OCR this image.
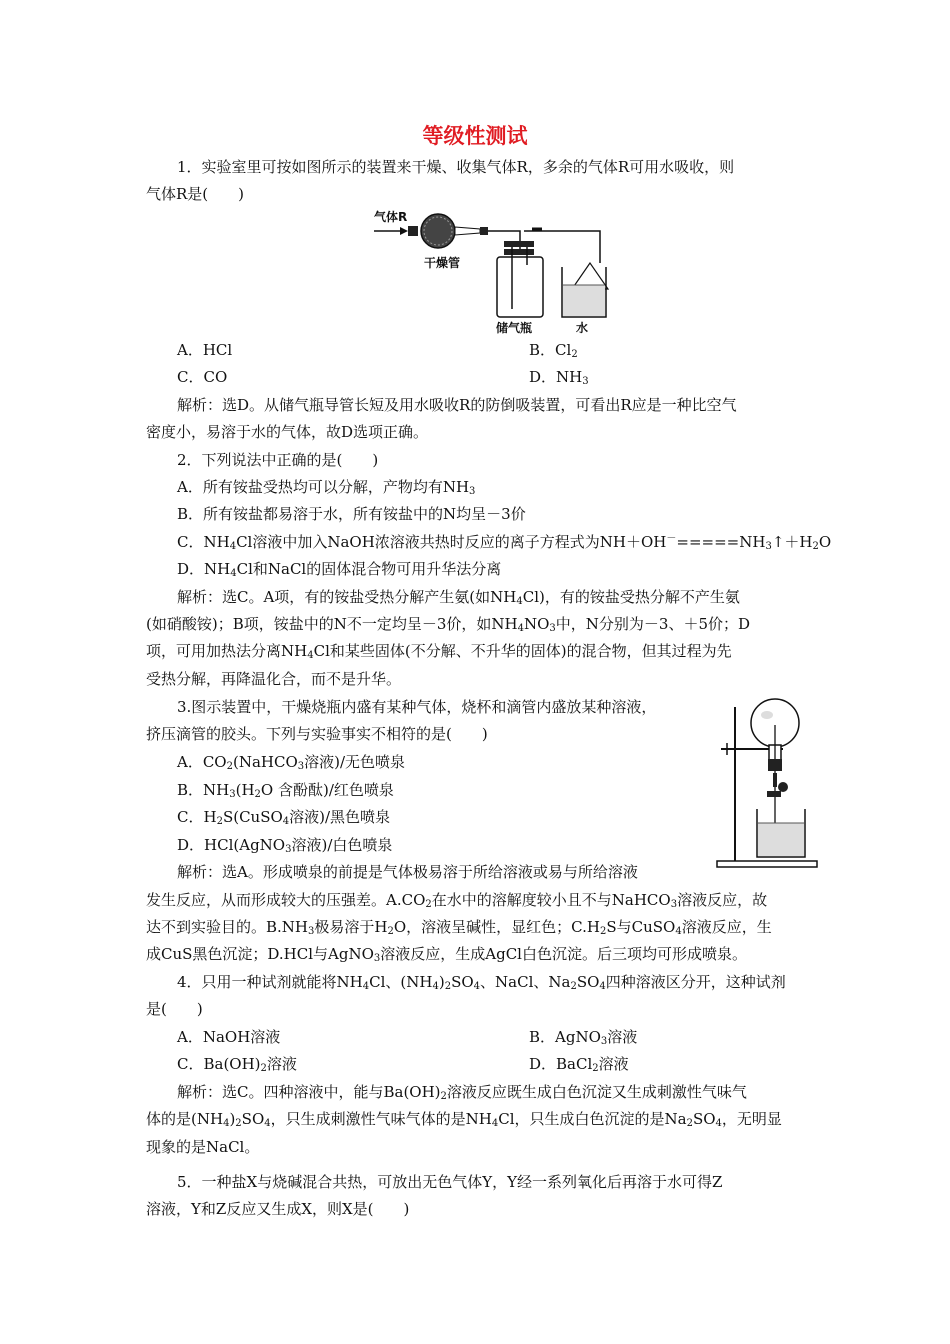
等级性测试
1．实验室里可按如图所示的装置来干燥、收集气体R，多余的气体R可用水吸收，则
气体R是(　　)
气体R
干燥管
储气瓶	水
A．HCl	B．$Cl_2$
C．CO	D．$NH_3$
解析：选D。从储气瓶导管长短及用水吸收R的防倒吸装置，可看出R应是一种比空气
密度小，易溶于水的气体，故D选项正确。
2．下列说法中正确的是(　　)
A．所有铵盐受热均可以分解，产物均有$NH_3$
B．所有铵盐都易溶于水，所有铵盐中的N均呈－3价
C．$NH_4Cl$溶液中加入NaOH浓溶液共热时反应的离子方程式为$NH+OH^-=====NH_3↑+H_2O$
D．$NH_4Cl$和NaCl的固体混合物可用升华法分离
解析：选C。A项，有的铵盐受热分解产生氨(如$NH_4Cl$)，有的铵盐受热分解不产生氨
(如硝酸铵)；B项，铵盐中的N不一定均呈－3价，如$NH_4NO_3$中，N分别为－3、＋5价；D
项，可用加热法分离$NH_4Cl$和某些固体(不分解、不升华的固体)的混合物，但其过程为先
受热分解，再降温化合，而不是升华。
3.图示装置中，干燥烧瓶内盛有某种气体，烧杯和滴管内盛放某种溶液，
挤压滴管的胶头。下列与实验事实不相符的是(　　)
A．$CO_2(NaHCO_3$溶液)/无色喷泉
B．$NH_3(H_2O$ 含酚酞)/红色喷泉
C．$H_2S(CuSO_4$溶液)/黑色喷泉
D．HCl(AgNO$_3$溶液)/白色喷泉
解析：选A。形成喷泉的前提是气体极易溶于所给溶液或易与所给溶液
发生反应，从而形成较大的压强差。$A.CO_2$在水中的溶解度较小且不与NaHCO$_3$溶液反应，故
达不到实验目的。$B.NH_3$极易溶于$H_2O$，溶液呈碱性，显红色；$C.H_2S$与CuSO$_4$溶液反应，生
成CuS黑色沉淀；D.HCl与AgNO$_3$溶液反应，生成AgCl白色沉淀。后三项均可形成喷泉。
4．只用一种试剂就能将$NH_4Cl$、$(NH_4)_2SO_4$、NaCl、$Na_2SO_4$四种溶液区分开，这种试剂
是(　　)
A．NaOH溶液	B．AgNO$_3$溶液
C．$Ba(OH)_2$溶液	D．BaCl$_2$溶液
解析：选C。四种溶液中，能与$Ba(OH)_2$溶液反应既生成白色沉淀又生成刺激性气味气
体的是$(NH_4)_2SO_4$，只生成刺激性气味气体的是$NH_4Cl$，只生成白色沉淀的是$Na_2SO_4$，无明显
现象的是NaCl。
5．一种盐X与烧碱混合共热，可放出无色气体Y，Y经一系列氧化后再溶于水可得Z
溶液，Y和Z反应又生成X，则X是(　　)
